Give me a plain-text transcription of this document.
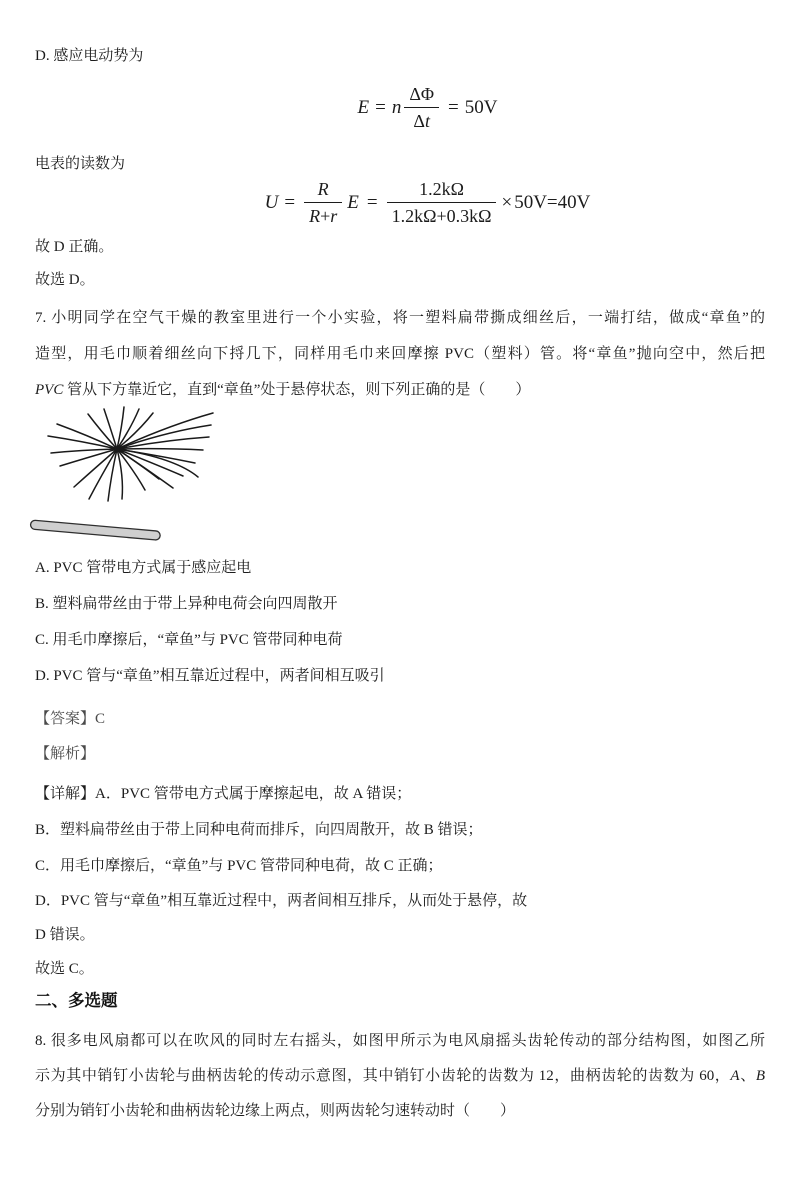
D. 感应电动势为
E = n $\frac{\Delta\Phi}{\Delta t} = 50V$
电表的读数为
$U = \frac{R}{R+r}$ $E = \frac{1.2k\Omega}{1.2k\Omega+0.3k\Omega} \times 50V=40V$
故 D 正确。
故选 D。
7. 小明同学在空气干燥的教室里进行一个小实验，将一塑料扁带撕成细丝后，一端打结，做成“章鱼”的
造型，用毛巾顺着细丝向下捋几下，同样用毛巾来回摩擦 PVC（塑料）管。将“章鱼”抛向空中，然后把
PVC 管从下方靠近它，直到“章鱼”处于悬停状态，则下列正确的是（　　）
A. PVC 管带电方式属于感应起电
B. 塑料扁带丝由于带上异种电荷会向四周散开
C. 用毛巾摩擦后，“章鱼”与 PVC 管带同种电荷
D. PVC 管与“章鱼”相互靠近过程中，两者间相互吸引
【答案】C
【解析】
【详解】A．PVC 管带电方式属于摩擦起电，故 A 错误；
B．塑料扁带丝由于带上同种电荷而排斥，向四周散开，故 B 错误；
C．用毛巾摩擦后，“章鱼”与 PVC 管带同种电荷，故 C 正确；
D．PVC 管与“章鱼”相互靠近过程中，两者间相互排斥，从而处于悬停，故
D 错误。
故选 C。
二、多选题
8. 很多电风扇都可以在吹风的同时左右摇头，如图甲所示为电风扇摇头齿轮传动的部分结构图，如图乙所
示为其中销钉小齿轮与曲柄齿轮的传动示意图，其中销钉小齿轮的齿数为 12，曲柄齿轮的齿数为 60，A、B
分别为销钉小齿轮和曲柄齿轮边缘上两点，则两齿轮匀速转动时（　　）
